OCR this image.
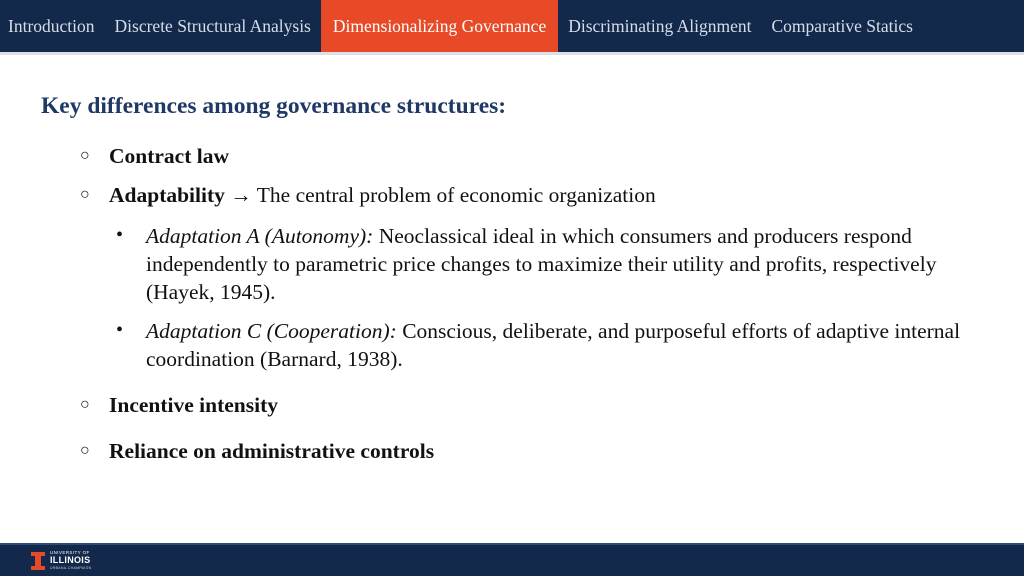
Introduction	Discrete Structural Analysis	Dimensionalizing Governance	Discriminating Alignment	Comparative Statics
Key differences among governance structures:
○ Contract law
○ Adaptability → The central problem of economic organization
• Adaptation A (Autonomy): Neoclassical ideal in which consumers and producers respond independently to parametric price changes to maximize their utility and profits, respectively (Hayek, 1945).
• Adaptation C (Cooperation): Conscious, deliberate, and purposeful efforts of adaptive internal coordination (Barnard, 1938).
○ Incentive intensity
○ Reliance on administrative controls
UNIVERSITY OF
ILLINOIS
URBANA-CHAMPAIGN
